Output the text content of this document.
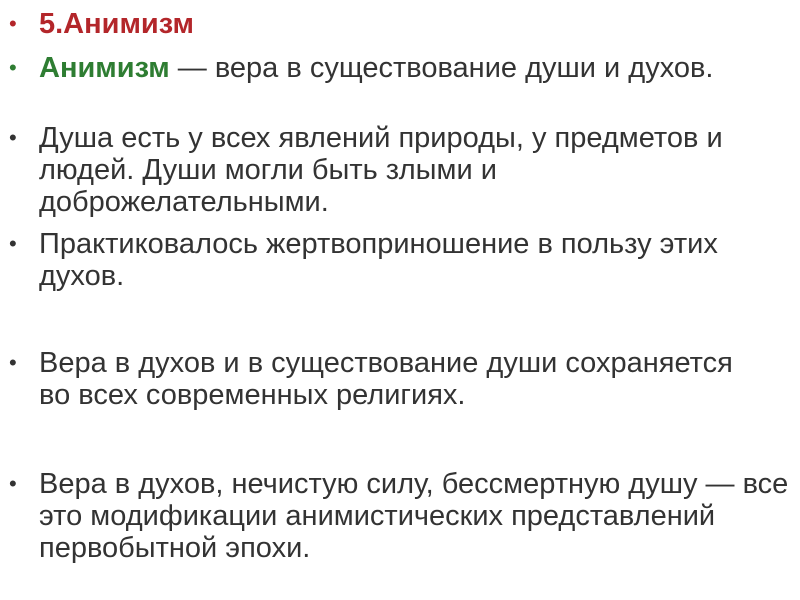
• 5.Анимизм
• Анимизм — вера в существование души и духов.
• Душа есть у всех явлений природы, у предметов и людей. Души могли быть злыми и доброжелательными.
• Практиковалось жертвоприношение в пользу этих духов.
• Вера в духов и в существование души сохраняется во всех современных религиях.
• Вера в духов, нечистую силу, бессмертную душу — все это модификации анимистических представлений первобытной эпохи.
